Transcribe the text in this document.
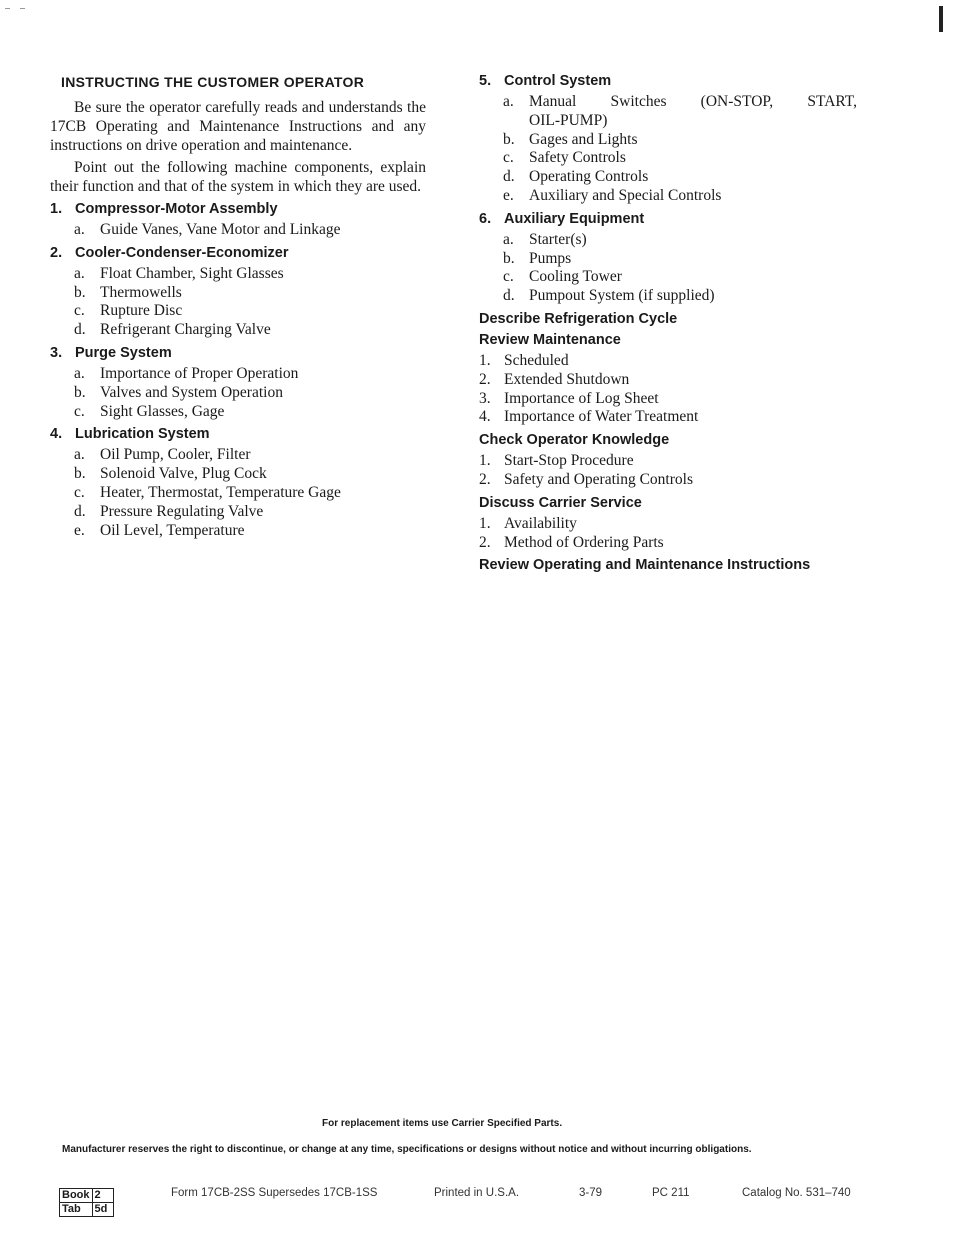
INSTRUCTING THE CUSTOMER OPERATOR

Be sure the operator carefully reads and understands the 17CB Operating and Maintenance Instructions and any instructions on drive operation and maintenance.

Point out the following machine components, explain their function and that of the system in which they are used.

1. Compressor-Motor Assembly
a. Guide Vanes, Vane Motor and Linkage
2. Cooler-Condenser-Economizer
a. Float Chamber, Sight Glasses
b. Thermowells
c. Rupture Disc
d. Refrigerant Charging Valve
3. Purge System
a. Importance of Proper Operation
b. Valves and System Operation
c. Sight Glasses, Gage
4. Lubrication System
a. Oil Pump, Cooler, Filter
b. Solenoid Valve, Plug Cock
c. Heater, Thermostat, Temperature Gage
d. Pressure Regulating Valve
e. Oil Level, Temperature
5. Control System
a. Manual Switches (ON-STOP, START,
OIL-PUMP)
b. Gages and Lights
c. Safety Controls
d. Operating Controls
e. Auxiliary and Special Controls
6. Auxiliary Equipment
a. Starter(s)
b. Pumps
c. Cooling Tower
d. Pumpout System (if supplied)
Describe Refrigeration Cycle
Review Maintenance
1. Scheduled
2. Extended Shutdown
3. Importance of Log Sheet
4. Importance of Water Treatment
Check Operator Knowledge
1. Start-Stop Procedure
2. Safety and Operating Controls
Discuss Carrier Service
1. Availability
2. Method of Ordering Parts
Review Operating and Maintenance Instructions
For replacement items use Carrier Specified Parts.
Manufacturer reserves the right to discontinue, or change at any time, specifications or designs without notice and without incurring obligations.
Book	2
Tab	5d
Form 17CB-2SS Supersedes 17CB-1SS	Printed in U.S.A.	3-79	PC 211	Catalog No. 531–740
